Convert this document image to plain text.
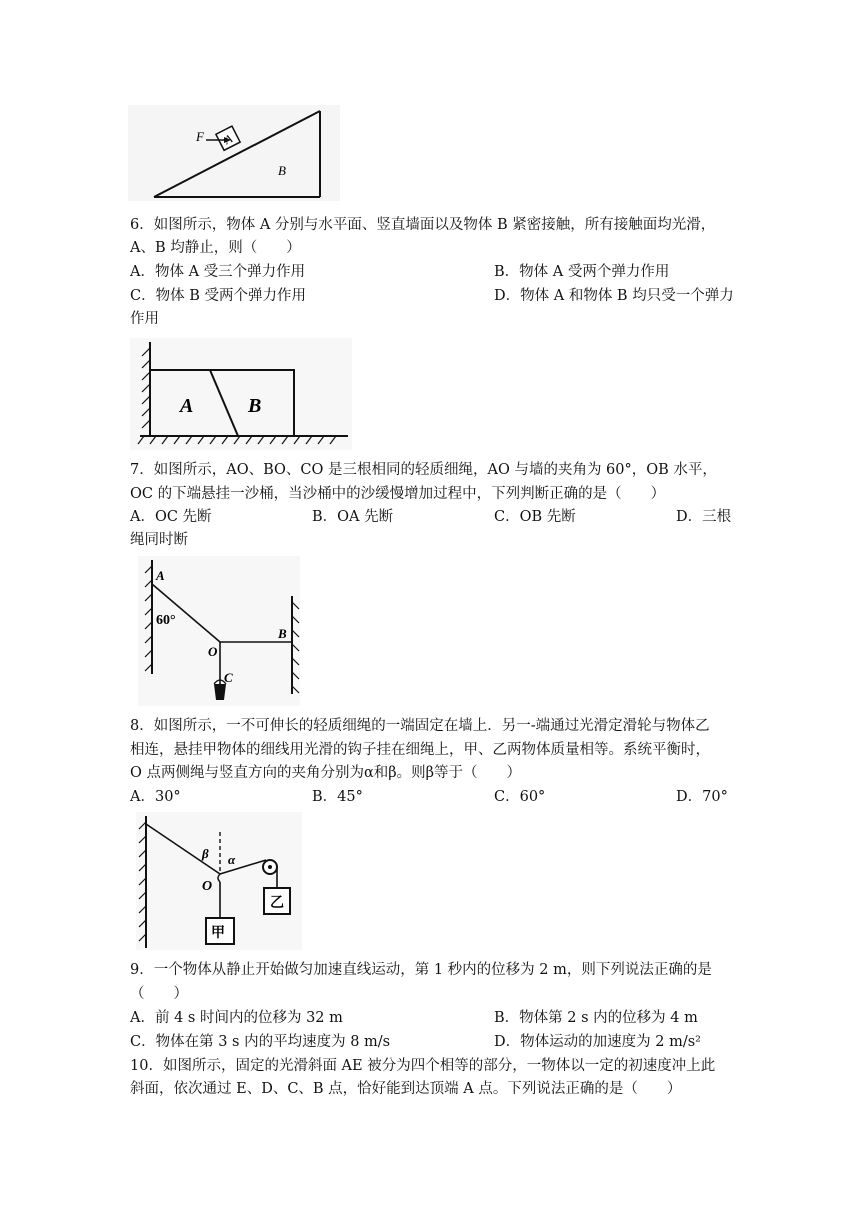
F
B
6．如图所示，物体 A 分别与水平面、竖直墙面以及物体 B 紧密接触，所有接触面均光滑，
A、B 均静止，则（　　）
A．物体 A 受三个弹力作用	B．物体 A 受两个弹力作用
C．物体 B 受两个弹力作用	D．物体 A 和物体 B 均只受一个弹力
作用
A	B
7．如图所示，AO、BO、CO 是三根相同的轻质细绳，AO 与墙的夹角为 60°，OB 水平，
OC 的下端悬挂一沙桶，当沙桶中的沙缓慢增加过程中，下列判断正确的是（　　）
A．OC 先断	B．OA 先断	C．OB 先断	D．三根
绳同时断
A
60°
O
B
C
8．如图所示，一不可伸长的轻质细绳的一端固定在墙上．另一-端通过光滑定滑轮与物体乙
相连，悬挂甲物体的细线用光滑的钩子挂在细绳上，甲、乙两物体质量相等。系统平衡时，
O 点两侧绳与竖直方向的夹角分别为α和β。则β等于（　　）
A．30°	B．45°	C．60°	D．70°
β α
O
甲
乙
9．一个物体从静止开始做匀加速直线运动，第 1 秒内的位移为 2 m，则下列说法正确的是
（　　）
A．前 4 s 时间内的位移为 32 m	B．物体第 2 s 内的位移为 4 m
C．物体在第 3 s 内的平均速度为 8 m/s	D．物体运动的加速度为 2 m/s²
10．如图所示，固定的光滑斜面 AE 被分为四个相等的部分，一物体以一定的初速度冲上此
斜面，依次通过 E、D、C、B 点，恰好能到达顶端 A 点。下列说法正确的是（　　）
